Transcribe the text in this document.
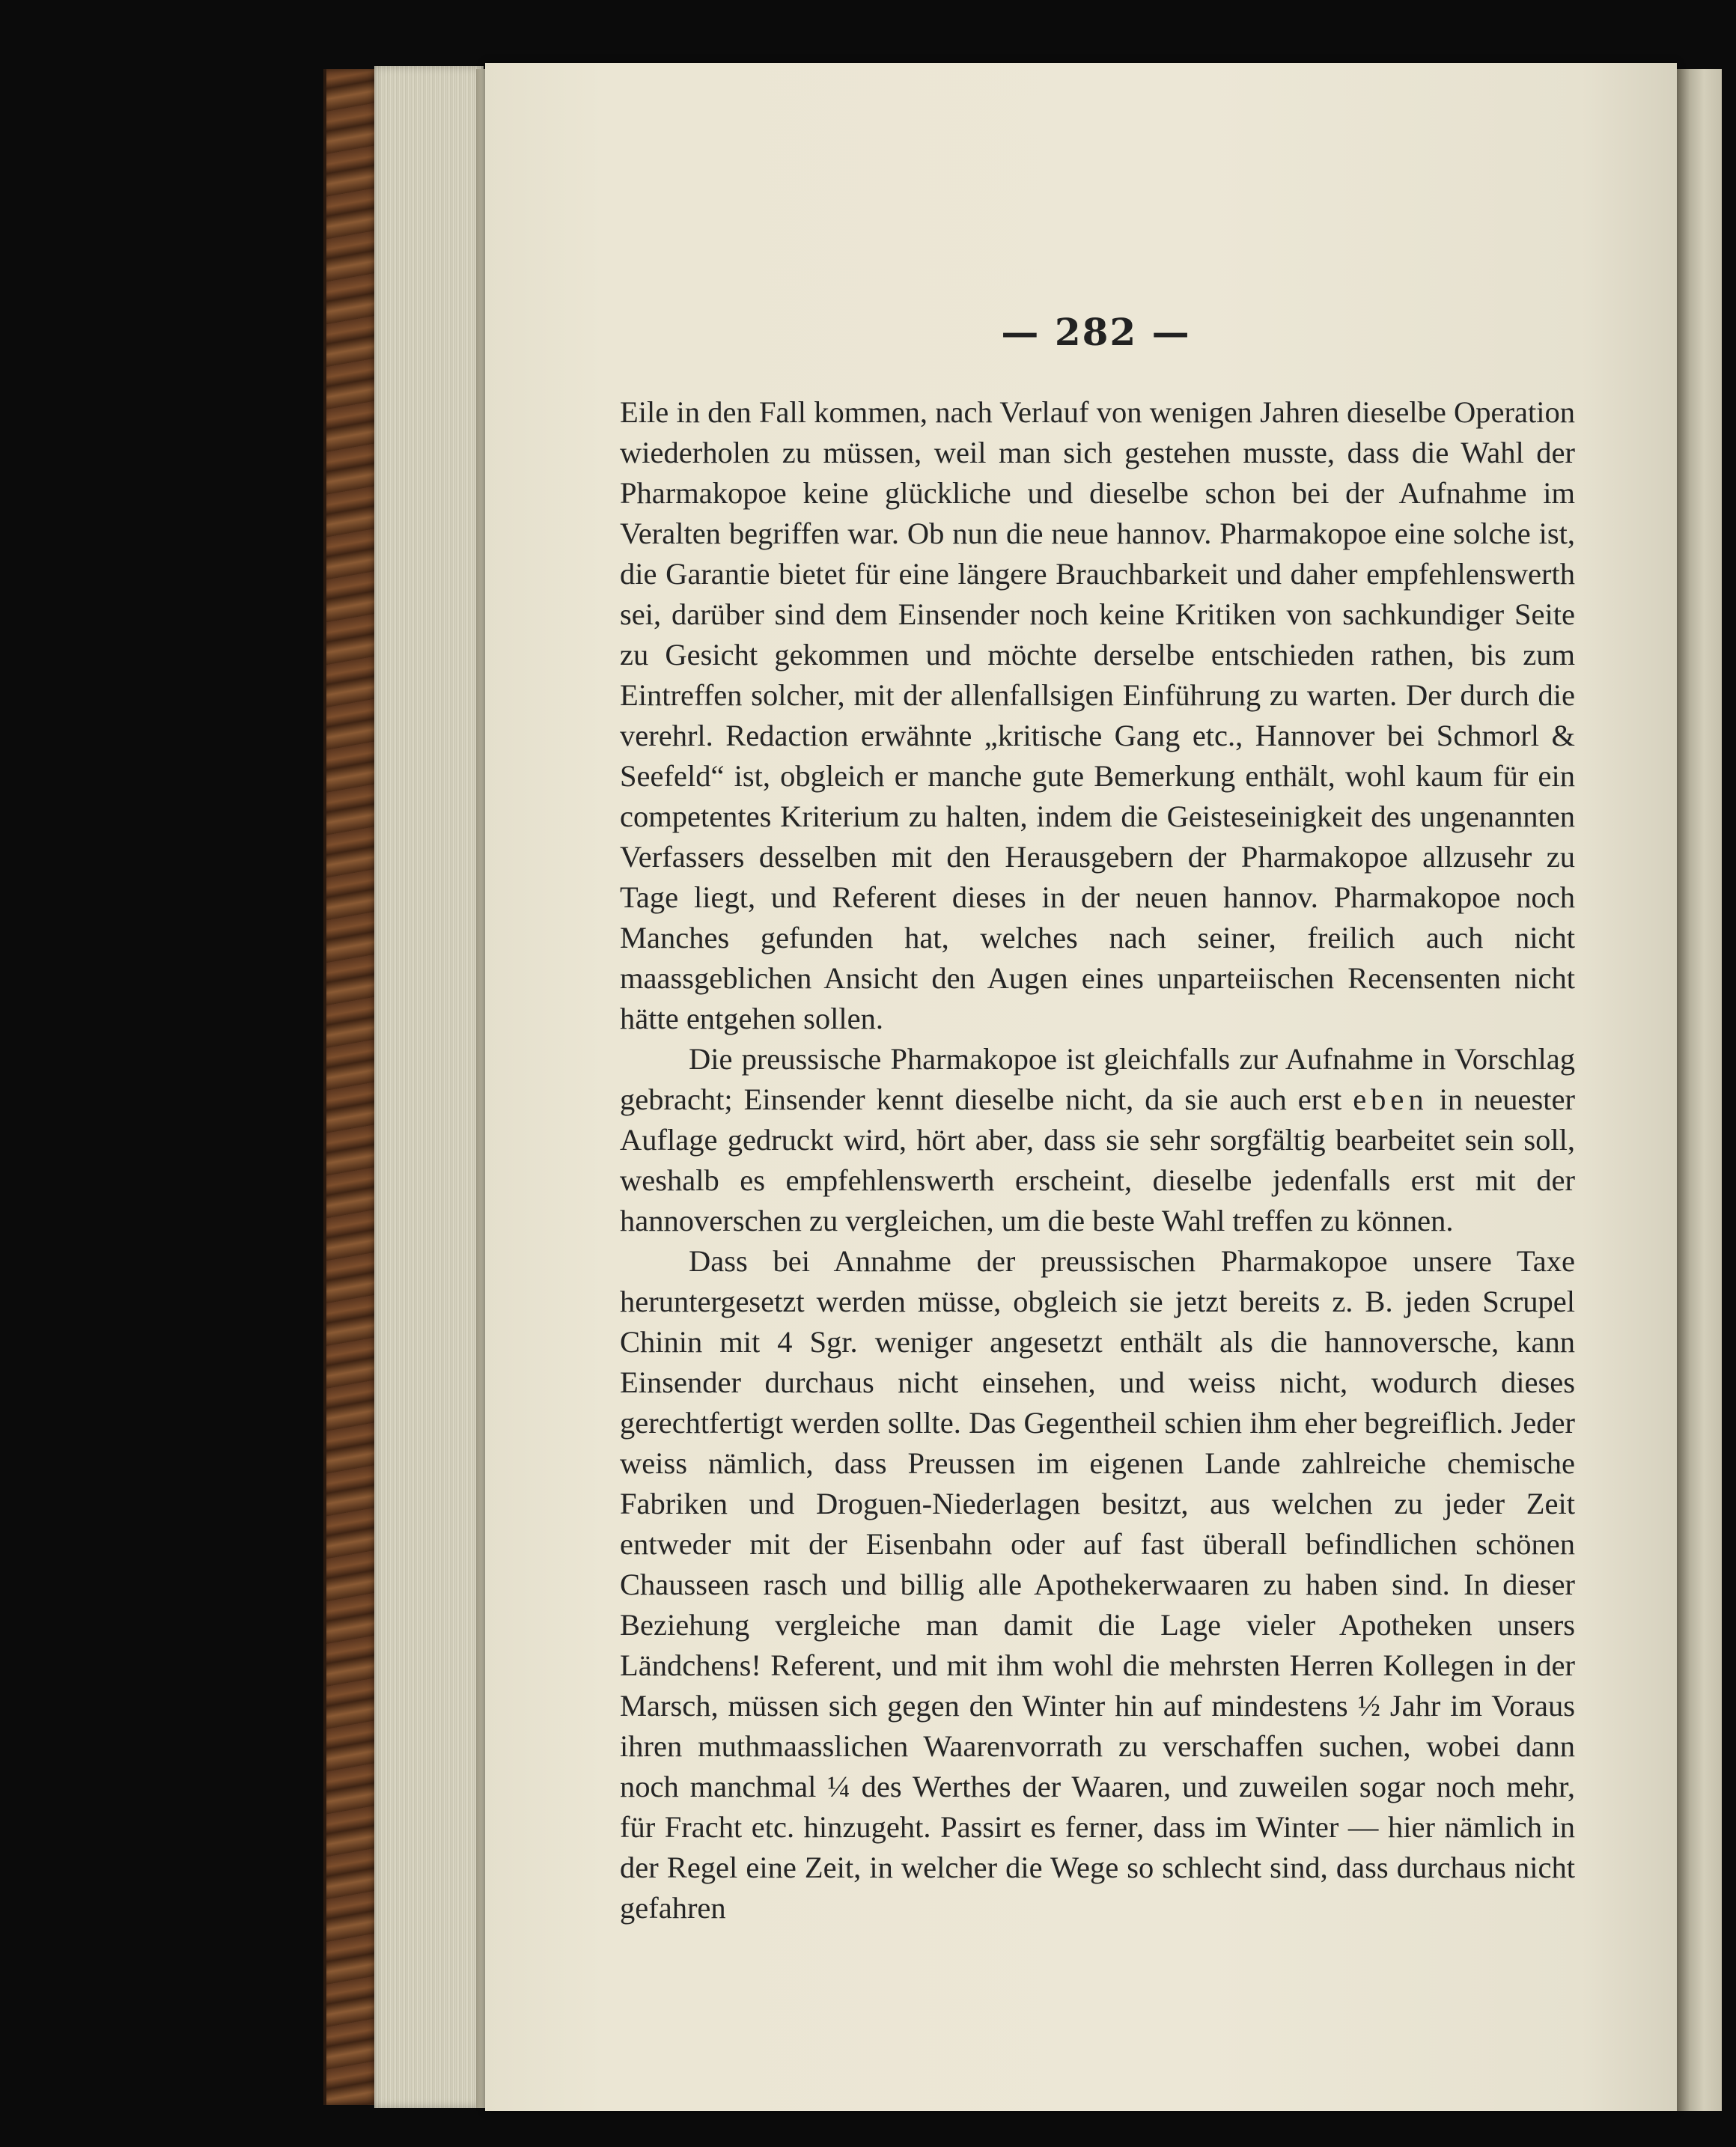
— 282 —

Eile in den Fall kommen, nach Verlauf von wenigen Jahren dieselbe Operation wiederholen zu müssen, weil man sich gestehen musste, dass die Wahl der Pharmakopoe keine glückliche und dieselbe schon bei der Aufnahme im Veralten begriffen war. Ob nun die neue hannov. Pharmakopoe eine solche ist, die Garantie bietet für eine längere Brauchbarkeit und daher empfehlenswerth sei, darüber sind dem Einsender noch keine Kritiken von sachkundiger Seite zu Gesicht gekommen und möchte derselbe entschieden rathen, bis zum Eintreffen solcher, mit der allenfallsigen Einführung zu warten. Der durch die verehrl. Redaction erwähnte „kritische Gang etc., Hannover bei Schmorl & Seefeld“ ist, obgleich er manche gute Bemerkung enthält, wohl kaum für ein competentes Kriterium zu halten, indem die Geisteseinigkeit des ungenannten Verfassers desselben mit den Herausgebern der Pharmakopoe allzusehr zu Tage liegt, und Referent dieses in der neuen hannov. Pharmakopoe noch Manches gefunden hat, welches nach seiner, freilich auch nicht maassgeblichen Ansicht den Augen eines unparteiischen Recensenten nicht hätte entgehen sollen.

Die preussische Pharmakopoe ist gleichfalls zur Aufnahme in Vorschlag gebracht; Einsender kennt dieselbe nicht, da sie auch erst eben in neuester Auflage gedruckt wird, hört aber, dass sie sehr sorgfältig bearbeitet sein soll, weshalb es empfehlenswerth erscheint, dieselbe jedenfalls erst mit der hannoverschen zu vergleichen, um die beste Wahl treffen zu können.

Dass bei Annahme der preussischen Pharmakopoe unsere Taxe heruntergesetzt werden müsse, obgleich sie jetzt bereits z. B. jeden Scrupel Chinin mit 4 Sgr. weniger angesetzt enthält als die hannoversche, kann Einsender durchaus nicht einsehen, und weiss nicht, wodurch dieses gerechtfertigt werden sollte. Das Gegentheil schien ihm eher begreiflich. Jeder weiss nämlich, dass Preussen im eigenen Lande zahlreiche chemische Fabriken und Droguen-Niederlagen besitzt, aus welchen zu jeder Zeit entweder mit der Eisenbahn oder auf fast überall befindlichen schönen Chausseen rasch und billig alle Apothekerwaaren zu haben sind. In dieser Beziehung vergleiche man damit die Lage vieler Apotheken unsers Ländchens! Referent, und mit ihm wohl die mehrsten Herren Kollegen in der Marsch, müssen sich gegen den Winter hin auf mindestens ½ Jahr im Voraus ihren muthmaasslichen Waarenvorrath zu verschaffen suchen, wobei dann noch manchmal ¼ des Werthes der Waaren, und zuweilen sogar noch mehr, für Fracht etc. hinzugeht. Passirt es ferner, dass im Winter — hier nämlich in der Regel eine Zeit, in welcher die Wege so schlecht sind, dass durchaus nicht gefahren
